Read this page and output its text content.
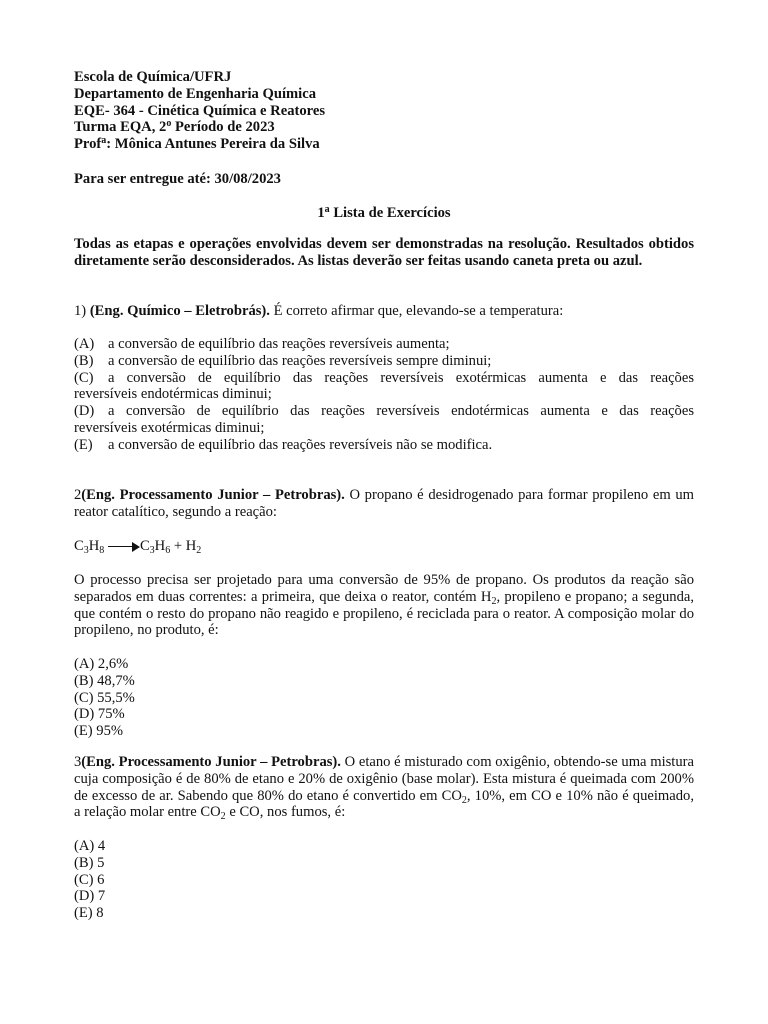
Escola de Química/UFRJ

Departamento de Engenharia Química

EQE- 364 - Cinética Química e Reatores

Turma EQA, 2$^o$ Período de 2023

Prof$^a$: Mônica Antunes Pereira da Silva

Para ser entregue até: 30/08/2023
1$^a$ Lista de Exercícios
Todas as etapas e operações envolvidas devem ser demonstradas na resolução. Resultados obtidos diretamente serão desconsiderados. As listas deverão ser feitas usando caneta preta ou azul.

1) (Eng. Químico – Eletrobrás). É correto afirmar que, elevando-se a temperatura:

(A) a conversão de equilíbrio das reações reversíveis aumenta;
(B) a conversão de equilíbrio das reações reversíveis sempre diminui;
(C) a conversão de equilíbrio das reações reversíveis exotérmicas aumenta e das reações
reversíveis endotérmicas diminui;
(D) a conversão de equilíbrio das reações reversíveis endotérmicas aumenta e das reações
reversíveis exotérmicas diminui;
(E)	a conversão de equilíbrio das reações reversíveis não se modifica.
2(Eng. Processamento Junior – Petrobras). O propano é desidrogenado para formar propileno em um reator catalítico, segundo a reação:
$C_3H_8$ $C_3H_6 + H_2$
O processo precisa ser projetado para uma conversão de 95% de propano. Os produtos da reação são separados em duas correntes: a primeira, que deixa o reator, contém $H_2$, propileno e propano; a segunda, que contém o resto do propano não reagido e propileno, é reciclada para o reator. A composição molar do propileno, no produto, é:

(A) 2,6%

(B) 48,7%

(C) 55,5%

(D) 75%

(E) 95%

3(Eng. Processamento Junior – Petrobras). O etano é misturado com oxigênio, obtendo-se uma mistura cuja composição é de 80% de etano e 20% de oxigênio (base molar). Esta mistura é queimada com 200% de excesso de ar. Sabendo que 80% do etano é convertido em $CO_2$, 10%, em CO e 10% não é queimado, a relação molar entre $CO_2$ e CO, nos fumos, é:

(A) 4

(B) 5

(C) 6

(D) 7

(E) 8
